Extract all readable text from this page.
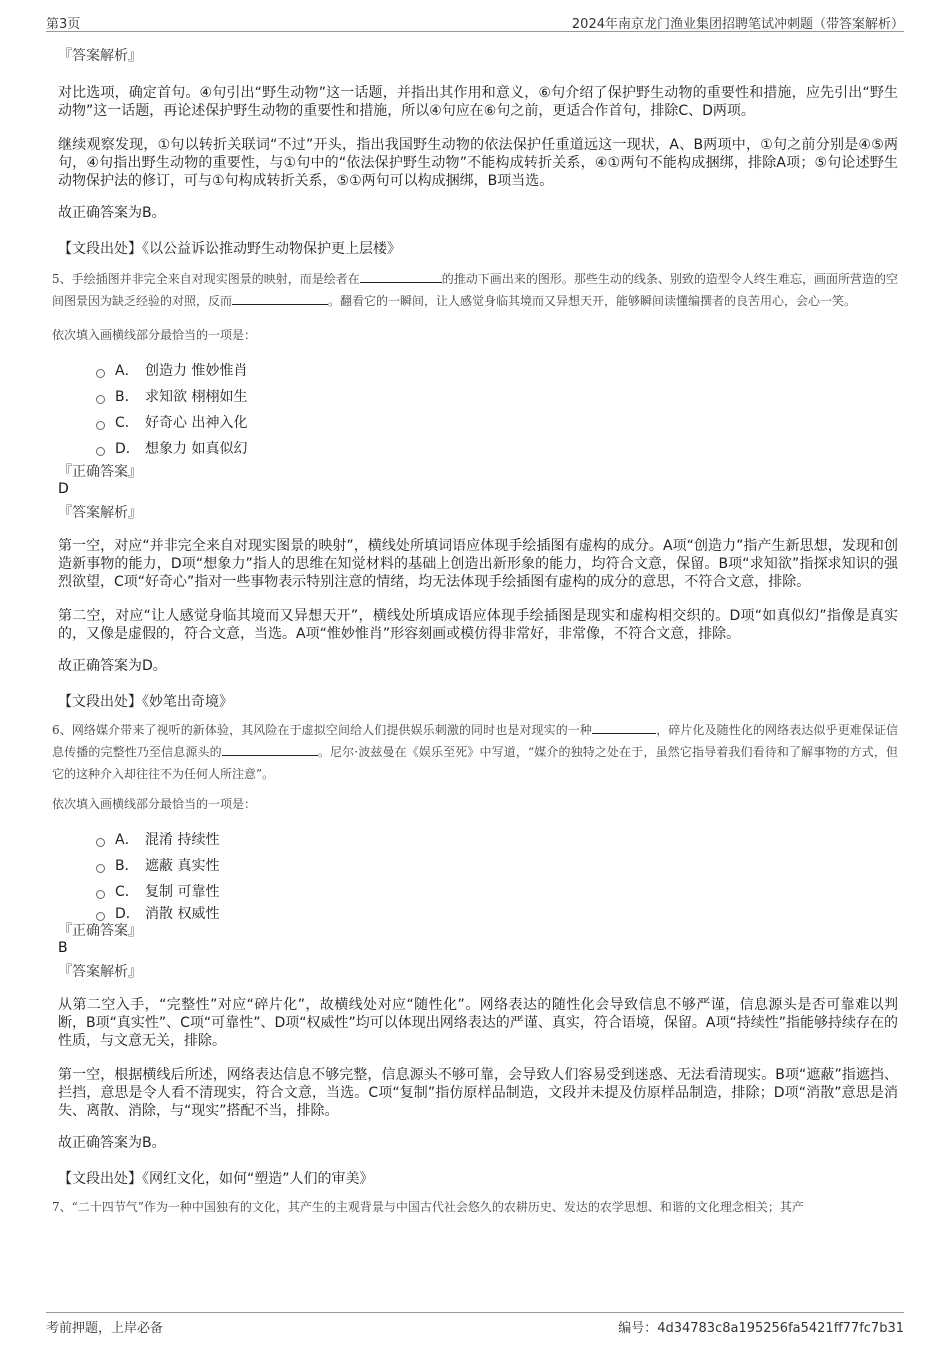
第3页	2024年南京龙门渔业集团招聘笔试冲刺题（带答案解析）
『答案解析』

对比选项，确定首句。④句引出“野生动物”这一话题，并指出其作用和意义，⑥句介绍了保护野生动物的重要性和措施，应先引出“野生动物”这一话题，再论述保护野生动物的重要性和措施，所以④句应在⑥句之前，更适合作首句，排除C、D两项。

继续观察发现，①句以转折关联词“不过”开头，指出我国野生动物的依法保护任重道远这一现状，A、B两项中，①句之前分别是④⑤两句，④句指出野生动物的重要性，与①句中的“依法保护野生动物”不能构成转折关系，④①两句不能构成捆绑，排除A项；⑤句论述野生动物保护法的修订，可与①句构成转折关系，⑤①两句可以构成捆绑，B项当选。

故正确答案为B。

【文段出处】《以公益诉讼推动野生动物保护更上层楼》
5、手绘插图并非完全来自对现实图景的映射，而是绘者在	的推动下画出来的图形。那些生动的线条、别致的造型令人终生难忘，画面所营造的空间图景因为缺乏经验的对照，反而	。翻看它的一瞬间，让人感觉身临其境而又异想天开，能够瞬间读懂编撰者的良苦用心，会心一笑。
依次填入画横线部分最恰当的一项是：
A． 创造力 惟妙惟肖
B． 求知欲 栩栩如生
C． 好奇心 出神入化
D． 想象力 如真似幻
『正确答案』
D
『答案解析』

第一空，对应“并非完全来自对现实图景的映射”，横线处所填词语应体现手绘插图有虚构的成分。A项“创造力”指产生新思想，发现和创造新事物的能力，D项“想象力”指人的思维在知觉材料的基础上创造出新形象的能力，均符合文意，保留。B项“求知欲”指探求知识的强烈欲望，C项“好奇心”指对一些事物表示特别注意的情绪，均无法体现手绘插图有虚构的成分的意思，不符合文意，排除。

第二空，对应“让人感觉身临其境而又异想天开”，横线处所填成语应体现手绘插图是现实和虚构相交织的。D项“如真似幻”指像是真实的，又像是虚假的，符合文意，当选。A项“惟妙惟肖”形容刻画或模仿得非常好，非常像，不符合文意，排除。

故正确答案为D。

【文段出处】《妙笔出奇境》
6、网络媒介带来了视听的新体验，其风险在于虚拟空间给人们提供娱乐刺激的同时也是对现实的一种	，碎片化及随性化的网络表达似乎更难保证信息传播的完整性乃至信息源头的	。尼尔·波兹曼在《娱乐至死》中写道，“媒介的独特之处在于，虽然它指导着我们看待和了解事物的方式，但它的这种介入却往往不为任何人所注意”。
依次填入画横线部分最恰当的一项是：
A． 混淆 持续性
B． 遮蔽 真实性
C． 复制 可靠性
D． 消散 权威性
『正确答案』
B
『答案解析』

从第二空入手，“完整性”对应“碎片化”，故横线处对应“随性化”。网络表达的随性化会导致信息不够严谨，信息源头是否可靠难以判断，B项“真实性”、C项“可靠性”、D项“权威性”均可以体现出网络表达的严谨、真实，符合语境，保留。A项“持续性”指能够持续存在的性质，与文意无关，排除。

第一空，根据横线后所述，网络表达信息不够完整，信息源头不够可靠，会导致人们容易受到迷惑、无法看清现实。B项“遮蔽”指遮挡、拦挡，意思是令人看不清现实，符合文意，当选。C项“复制”指仿原样品制造，文段并未提及仿原样品制造，排除；D项“消散”意思是消失、离散、消除，与“现实”搭配不当，排除。

故正确答案为B。

【文段出处】《网红文化，如何“塑造”人们的审美》
7、“二十四节气”作为一种中国独有的文化，其产生的主观背景与中国古代社会悠久的农耕历史、发达的农学思想、和谐的文化理念相关；其产
考前押题，上岸必备	编号：4d34783c8a195256fa5421ff77fc7b31
